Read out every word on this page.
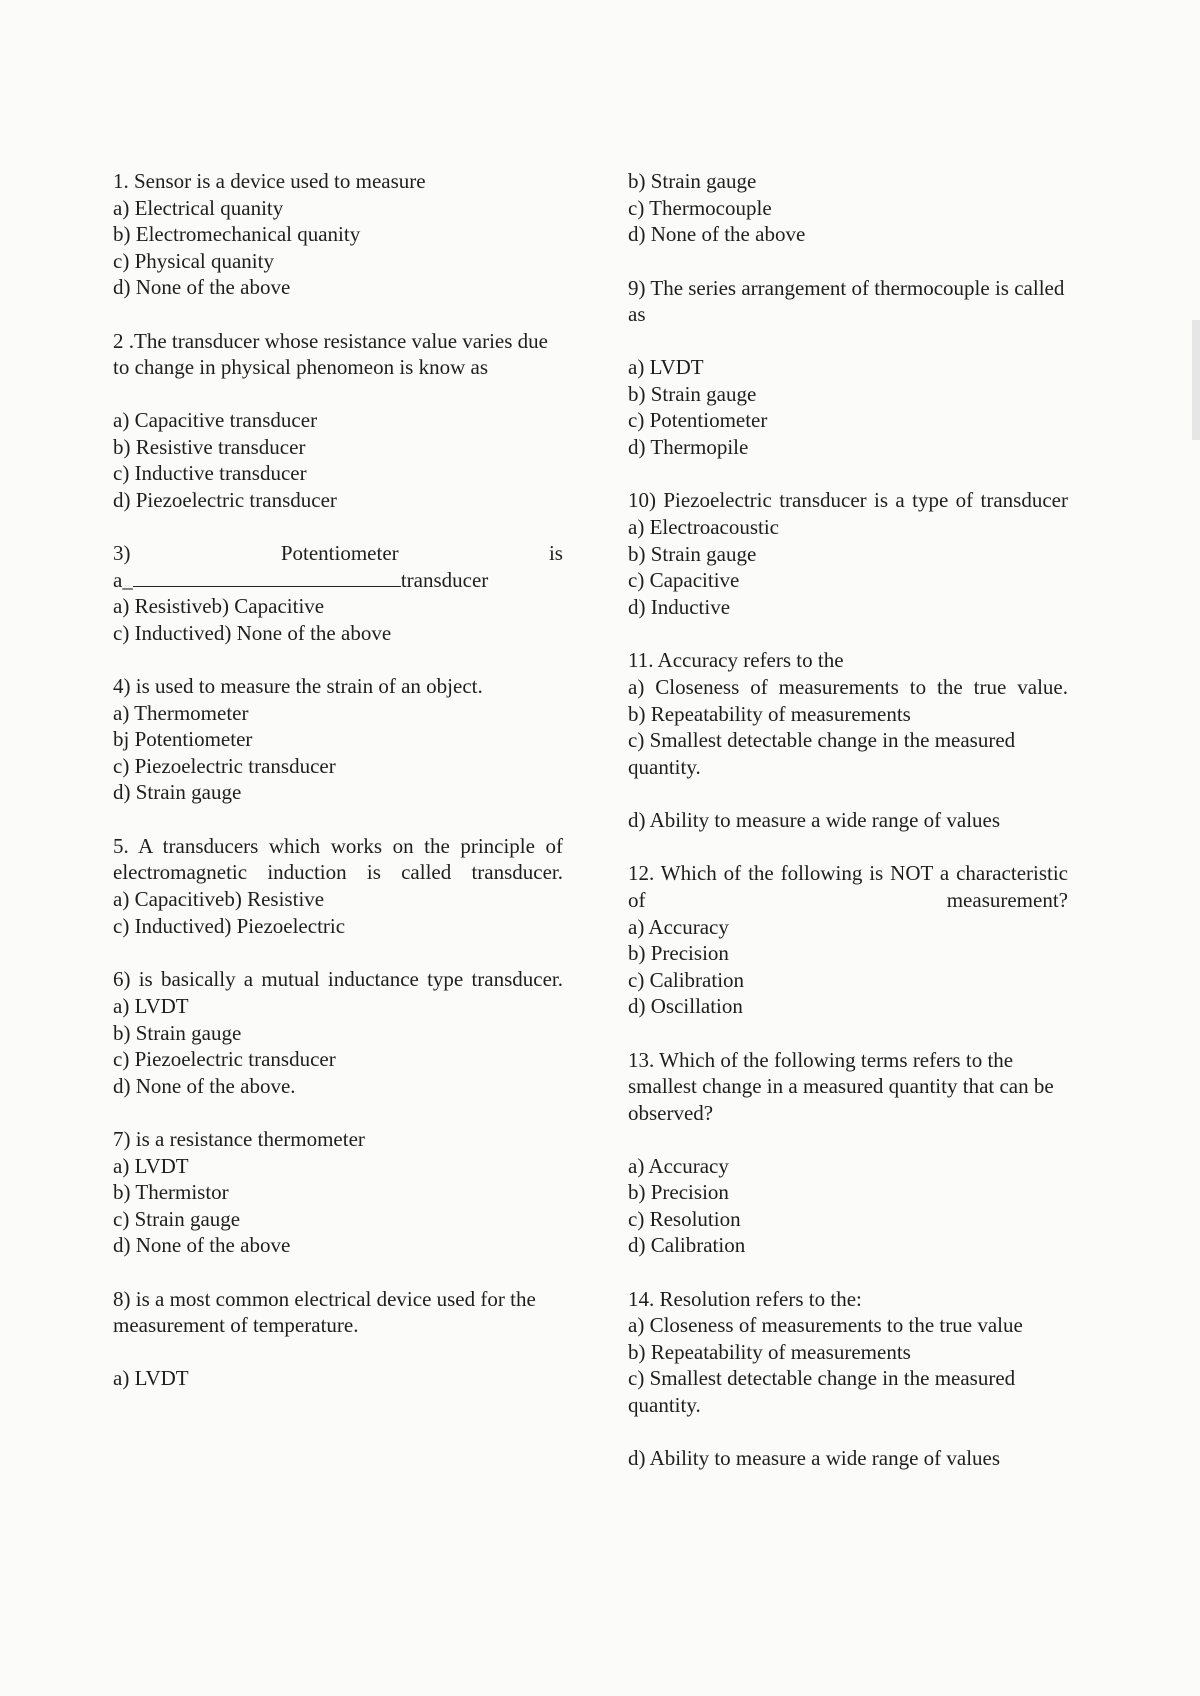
1. Sensor is a device used to measure

a) Electrical quanity

b) Electromechanical quanity

c) Physical quanity

d) None of the above

2 .The transducer whose resistance value varies due to change in physical phenomeon is know as

a) Capacitive transducer

b) Resistive transducer

c) Inductive transducer

d) Piezoelectric transducer

3)	Potentiometer	is

a_	transducer

a) Resistiveb) Capacitive

c) Inductived) None of the above

4) is used to measure the strain of an object.

a) Thermometer

bj Potentiometer

c) Piezoelectric transducer

d) Strain gauge

5. A transducers which works on the principle of electromagnetic induction is called transducer.

a) Capacitiveb) Resistive

c) Inductived) Piezoelectric

6) is basically a mutual inductance type transducer.

a) LVDT

b) Strain gauge

c) Piezoelectric transducer

d) None of the above.

7) is a resistance thermometer

a) LVDT

b) Thermistor

c) Strain gauge

d) None of the above

8) is a most common electrical device used for the measurement of temperature.

a) LVDT

b) Strain gauge

c) Thermocouple

d) None of the above

9) The series arrangement of thermocouple is called as

a) LVDT

b) Strain gauge

c) Potentiometer

d) Thermopile

10) Piezoelectric transducer is a type of transducer

a) Electroacoustic

b) Strain gauge

c) Capacitive

d) Inductive

11. Accuracy refers to the

a) Closeness of measurements to the true value.

b) Repeatability of measurements

c) Smallest detectable change in the measured quantity.

d) Ability to measure a wide range of values

12. Which of the following is NOT a characteristic of measurement?

a) Accuracy

b) Precision

c) Calibration

d) Oscillation

13. Which of the following terms refers to the smallest change in a measured quantity that can be observed?

a) Accuracy

b) Precision

c) Resolution

d) Calibration

14. Resolution refers to the:

a) Closeness of measurements to the true value

b) Repeatability of measurements

c) Smallest detectable change in the measured quantity.

d) Ability to measure a wide range of values
